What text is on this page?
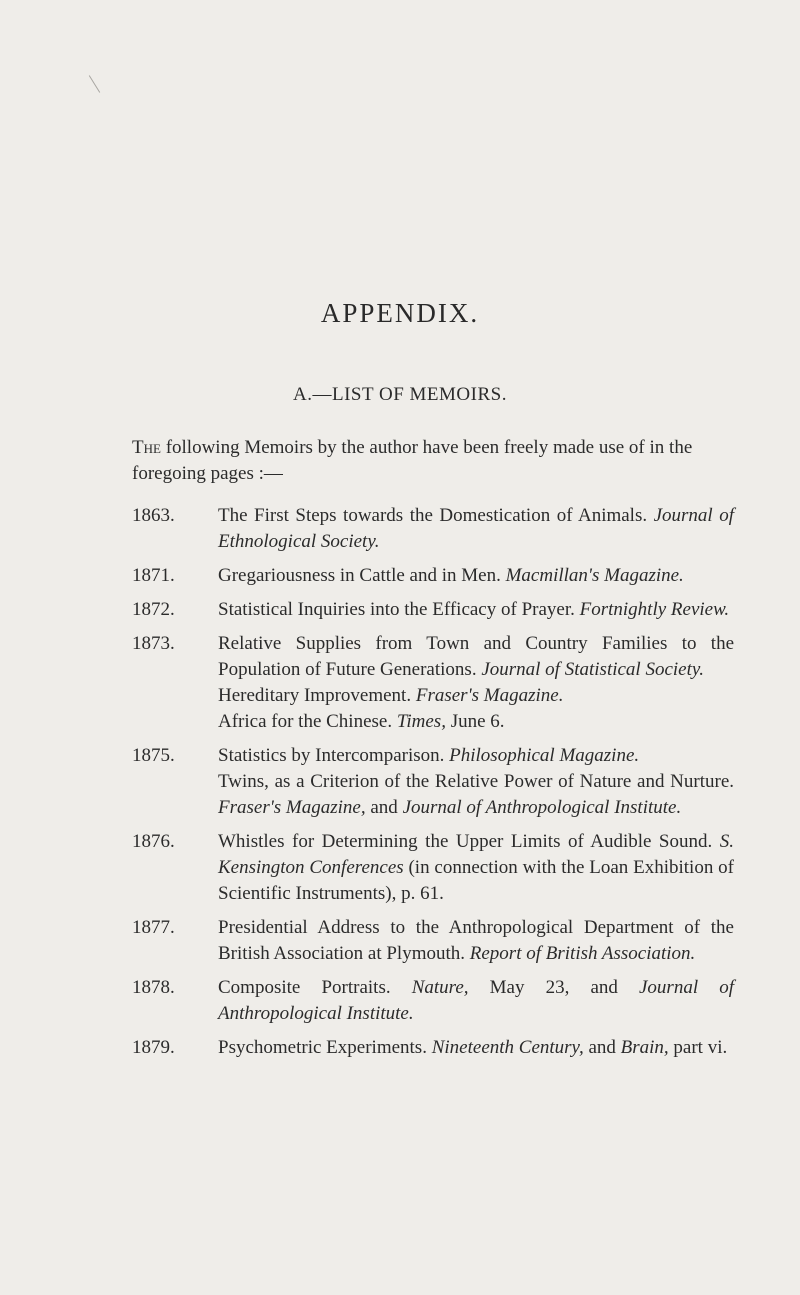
APPENDIX.
A.—LIST OF MEMOIRS.
The following Memoirs by the author have been freely made use of in the foregoing pages :—
1863.	The First Steps towards the Domestication of Animals. Journal of Ethnological Society.
1871.	Gregariousness in Cattle and in Men. Macmillan's Magazine.
1872.	Statistical Inquiries into the Efficacy of Prayer. Fortnightly Review.
1873.	Relative Supplies from Town and Country Families to the Population of Future Generations. Journal of Statistical Society.
Hereditary Improvement. Fraser's Magazine.
Africa for the Chinese. Times, June 6.
1875.	Statistics by Intercomparison. Philosophical Magazine.
Twins, as a Criterion of the Relative Power of Nature and Nurture. Fraser's Magazine, and Journal of Anthropological Institute.
1876.	Whistles for Determining the Upper Limits of Audible Sound. S. Kensington Conferences (in connection with the Loan Exhibition of Scientific Instruments), p. 61.
1877.	Presidential Address to the Anthropological Department of the British Association at Plymouth. Report of British Association.
1878.	Composite Portraits. Nature, May 23, and Journal of Anthropological Institute.
1879.	Psychometric Experiments. Nineteenth Century, and Brain, part vi.
